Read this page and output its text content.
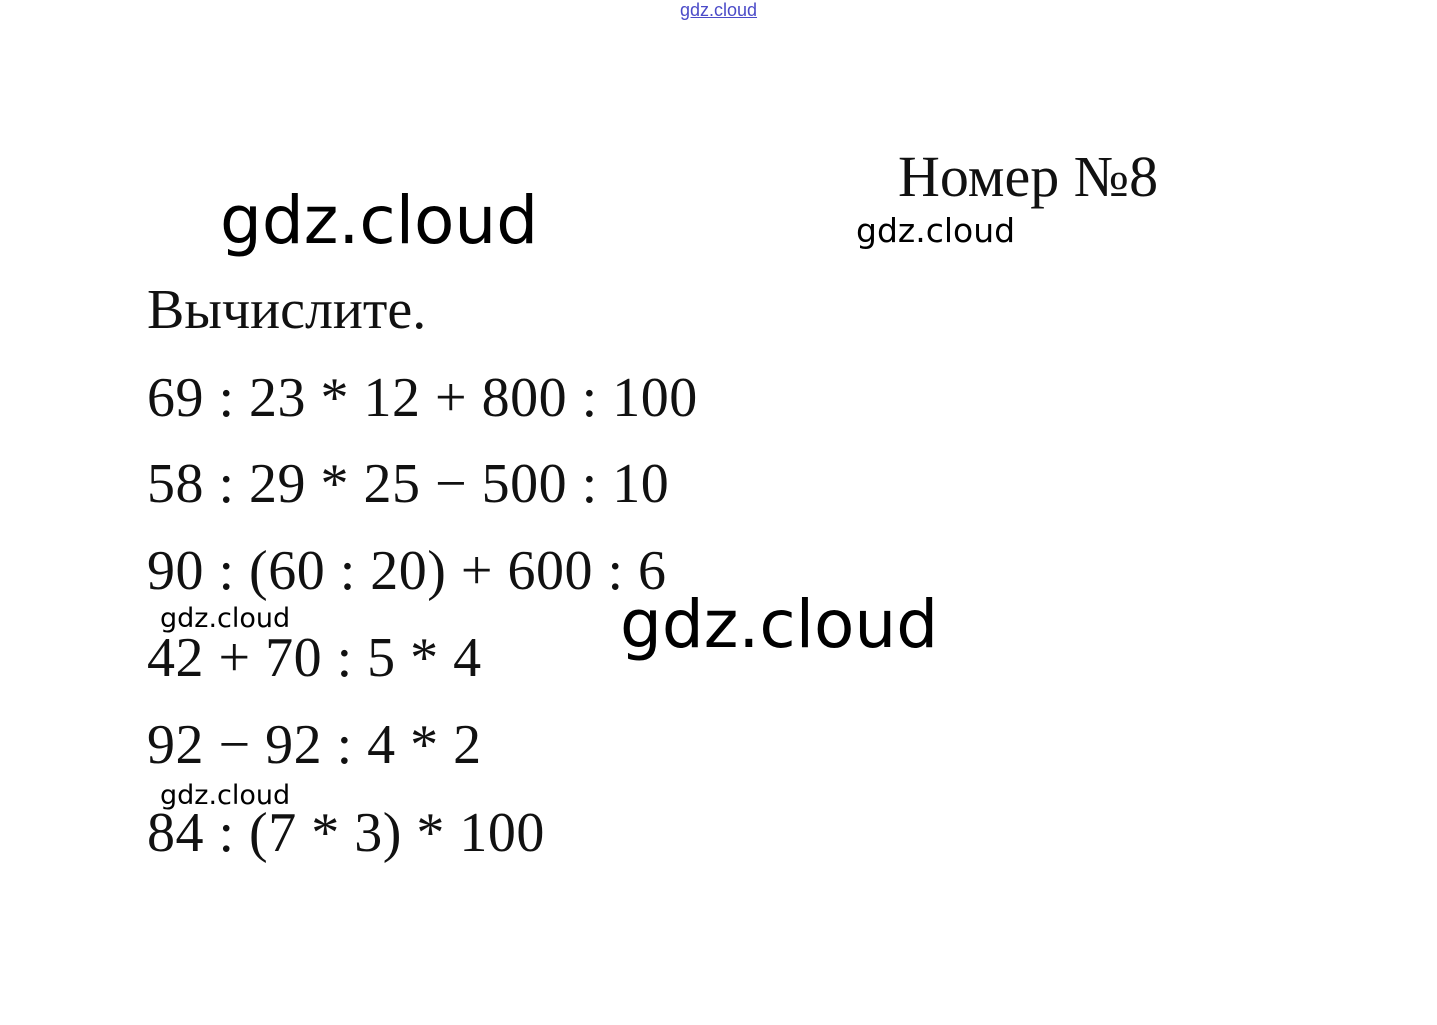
gdz.cloud
Номер №8
Вычислите.
69 : 23 * 12 + 800 : 100
58 : 29 * 25 − 500 : 10
90 : (60 : 20) + 600 : 6
42 + 70 : 5 * 4
92 − 92 : 4 * 2
84 : (7 * 3) * 100
gdz.cloud	gdz.cloud
gdz.cloud
gdz.cloud
gdz.cloud
